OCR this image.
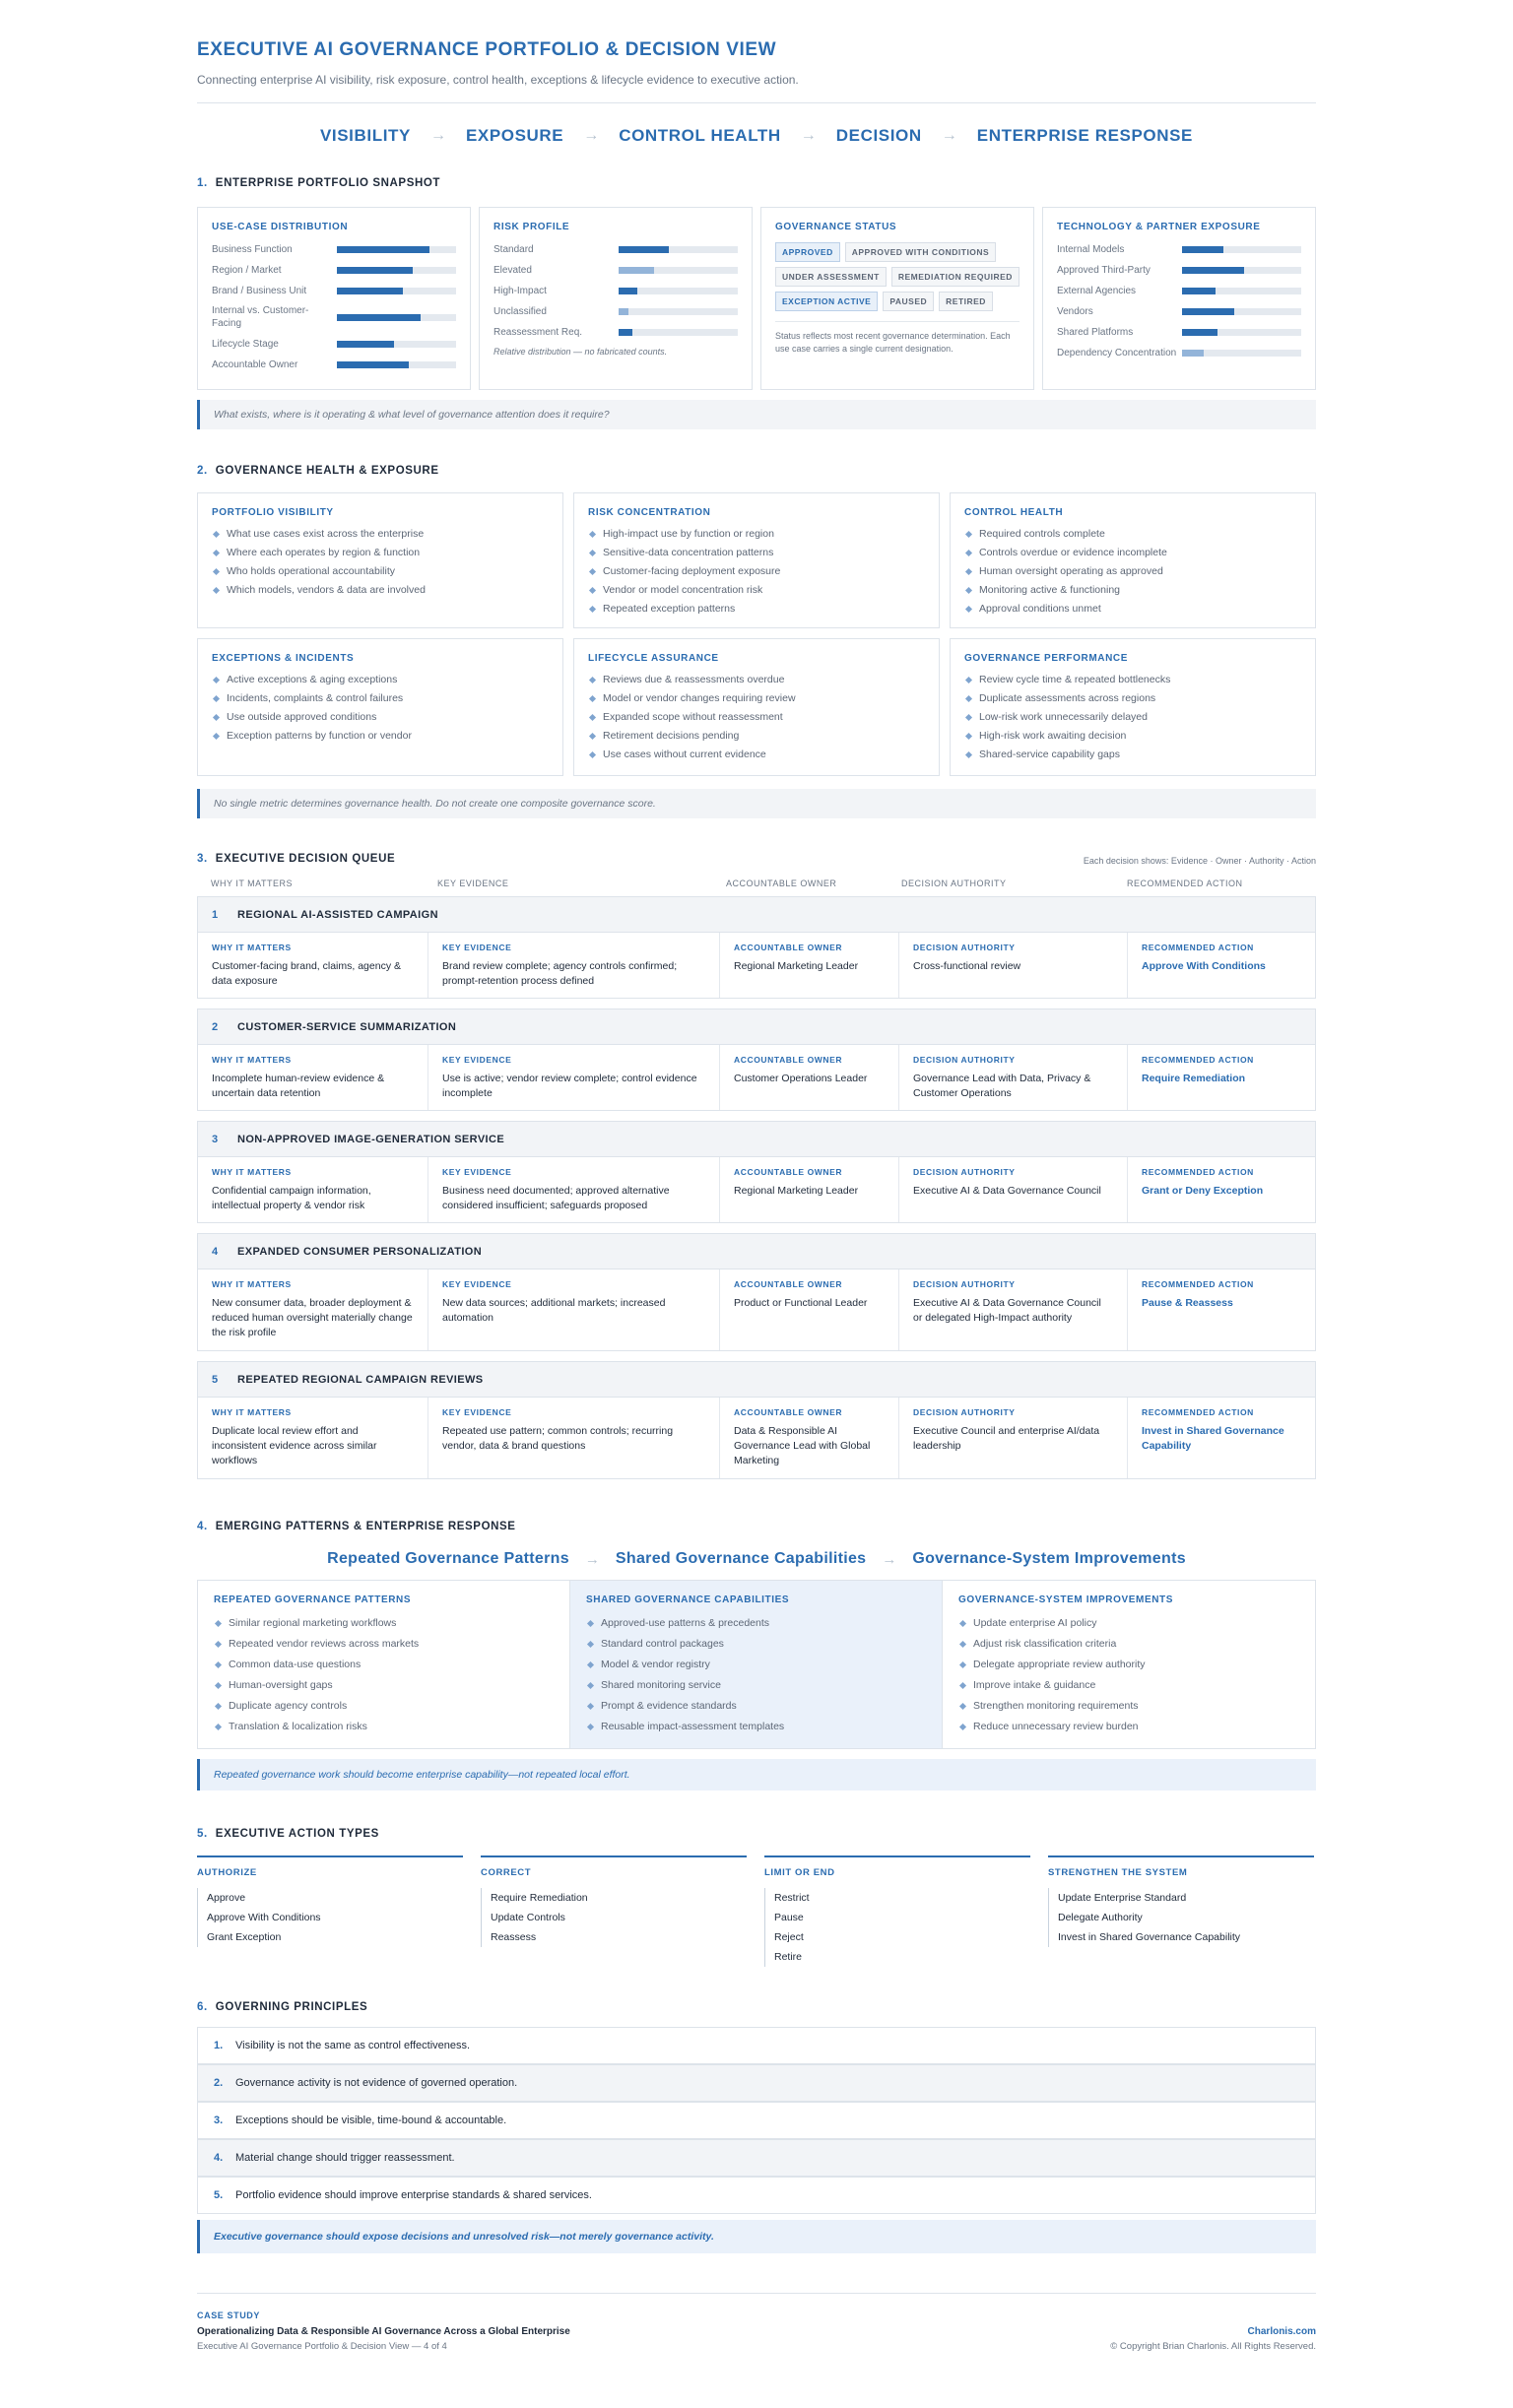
EXECUTIVE AI GOVERNANCE PORTFOLIO & DECISION VIEW
Connecting enterprise AI visibility, risk exposure, control health, exceptions & lifecycle evidence to executive action.
VISIBILITY → EXPOSURE → CONTROL HEALTH → DECISION → ENTERPRISE RESPONSE
1. ENTERPRISE PORTFOLIO SNAPSHOT
USE-CASE DISTRIBUTION
Business Function
Region / Market
Brand / Business Unit
Internal vs. Customer-Facing
Lifecycle Stage
Accountable Owner
RISK PROFILE
Standard
Elevated
High-Impact
Unclassified
Reassessment Req.
Relative distribution — no fabricated counts.
GOVERNANCE STATUS
APPROVED	APPROVED WITH CONDITIONS
UNDER ASSESSMENT	REMEDIATION REQUIRED
EXCEPTION ACTIVE	PAUSED	RETIRED
Status reflects most recent governance determination. Each use case carries a single current designation.
TECHNOLOGY & PARTNER EXPOSURE
Internal Models
Approved Third-Party
External Agencies
Vendors
Shared Platforms
Dependency Concentration
What exists, where is it operating & what level of governance attention does it require?
2. GOVERNANCE HEALTH & EXPOSURE
PORTFOLIO VISIBILITY
What use cases exist across the enterprise
Where each operates by region & function
Who holds operational accountability
Which models, vendors & data are involved
RISK CONCENTRATION
High-impact use by function or region
Sensitive-data concentration patterns
Customer-facing deployment exposure
Vendor or model concentration risk
Repeated exception patterns
CONTROL HEALTH
Required controls complete
Controls overdue or evidence incomplete
Human oversight operating as approved
Monitoring active & functioning
Approval conditions unmet
EXCEPTIONS & INCIDENTS
Active exceptions & aging exceptions
Incidents, complaints & control failures
Use outside approved conditions
Exception patterns by function or vendor
LIFECYCLE ASSURANCE
Reviews due & reassessments overdue
Model or vendor changes requiring review
Expanded scope without reassessment
Retirement decisions pending
Use cases without current evidence
GOVERNANCE PERFORMANCE
Review cycle time & repeated bottlenecks
Duplicate assessments across regions
Low-risk work unnecessarily delayed
High-risk work awaiting decision
Shared-service capability gaps
No single metric determines governance health. Do not create one composite governance score.
3. EXECUTIVE DECISION QUEUE	Each decision shows: Evidence · Owner · Authority · Action
WHY IT MATTERS	KEY EVIDENCE	ACCOUNTABLE OWNER	DECISION AUTHORITY	RECOMMENDED ACTION
1	REGIONAL AI-ASSISTED CAMPAIGN
WHY IT MATTERS
Customer-facing brand, claims, agency & data exposure
KEY EVIDENCE
Brand review complete; agency controls confirmed; prompt-retention process defined
ACCOUNTABLE OWNER
Regional Marketing Leader
DECISION AUTHORITY
Cross-functional review
RECOMMENDED ACTION
Approve With Conditions
2	CUSTOMER-SERVICE SUMMARIZATION
WHY IT MATTERS
Incomplete human-review evidence & uncertain data retention
KEY EVIDENCE
Use is active; vendor review complete; control evidence incomplete
ACCOUNTABLE OWNER
Customer Operations Leader
DECISION AUTHORITY
Governance Lead with Data, Privacy & Customer Operations
RECOMMENDED ACTION
Require Remediation
3	NON-APPROVED IMAGE-GENERATION SERVICE
WHY IT MATTERS
Confidential campaign information, intellectual property & vendor risk
KEY EVIDENCE
Business need documented; approved alternative considered insufficient; safeguards proposed
ACCOUNTABLE OWNER
Regional Marketing Leader
DECISION AUTHORITY
Executive AI & Data Governance Council
RECOMMENDED ACTION
Grant or Deny Exception
4	EXPANDED CONSUMER PERSONALIZATION
WHY IT MATTERS
New consumer data, broader deployment & reduced human oversight materially change the risk profile
KEY EVIDENCE
New data sources; additional markets; increased automation
ACCOUNTABLE OWNER
Product or Functional Leader
DECISION AUTHORITY
Executive AI & Data Governance Council or delegated High-Impact authority
RECOMMENDED ACTION
Pause & Reassess
5	REPEATED REGIONAL CAMPAIGN REVIEWS
WHY IT MATTERS
Duplicate local review effort and inconsistent evidence across similar workflows
KEY EVIDENCE
Repeated use pattern; common controls; recurring vendor, data & brand questions
ACCOUNTABLE OWNER
Data & Responsible AI Governance Lead with Global Marketing
DECISION AUTHORITY
Executive Council and enterprise AI/data leadership
RECOMMENDED ACTION
Invest in Shared Governance Capability
4. EMERGING PATTERNS & ENTERPRISE RESPONSE
Repeated Governance Patterns → Shared Governance Capabilities → Governance-System Improvements
REPEATED GOVERNANCE PATTERNS
Similar regional marketing workflows
Repeated vendor reviews across markets
Common data-use questions
Human-oversight gaps
Duplicate agency controls
Translation & localization risks
SHARED GOVERNANCE CAPABILITIES
Approved-use patterns & precedents
Standard control packages
Model & vendor registry
Shared monitoring service
Prompt & evidence standards
Reusable impact-assessment templates
GOVERNANCE-SYSTEM IMPROVEMENTS
Update enterprise AI policy
Adjust risk classification criteria
Delegate appropriate review authority
Improve intake & guidance
Strengthen monitoring requirements
Reduce unnecessary review burden
Repeated governance work should become enterprise capability—not repeated local effort.
5. EXECUTIVE ACTION TYPES
AUTHORIZE
Approve
Approve With Conditions
Grant Exception
CORRECT
Require Remediation
Update Controls
Reassess
LIMIT OR END
Restrict
Pause
Reject
Retire
STRENGTHEN THE SYSTEM
Update Enterprise Standard
Delegate Authority
Invest in Shared Governance Capability
6. GOVERNING PRINCIPLES
1.	Visibility is not the same as control effectiveness.
2.	Governance activity is not evidence of governed operation.
3.	Exceptions should be visible, time-bound & accountable.
4.	Material change should trigger reassessment.
5.	Portfolio evidence should improve enterprise standards & shared services.
Executive governance should expose decisions and unresolved risk—not merely governance activity.
CASE STUDY
Operationalizing Data & Responsible AI Governance Across a Global Enterprise
Executive AI Governance Portfolio & Decision View — 4 of 4
Charlonis.com
© Copyright Brian Charlonis. All Rights Reserved.
